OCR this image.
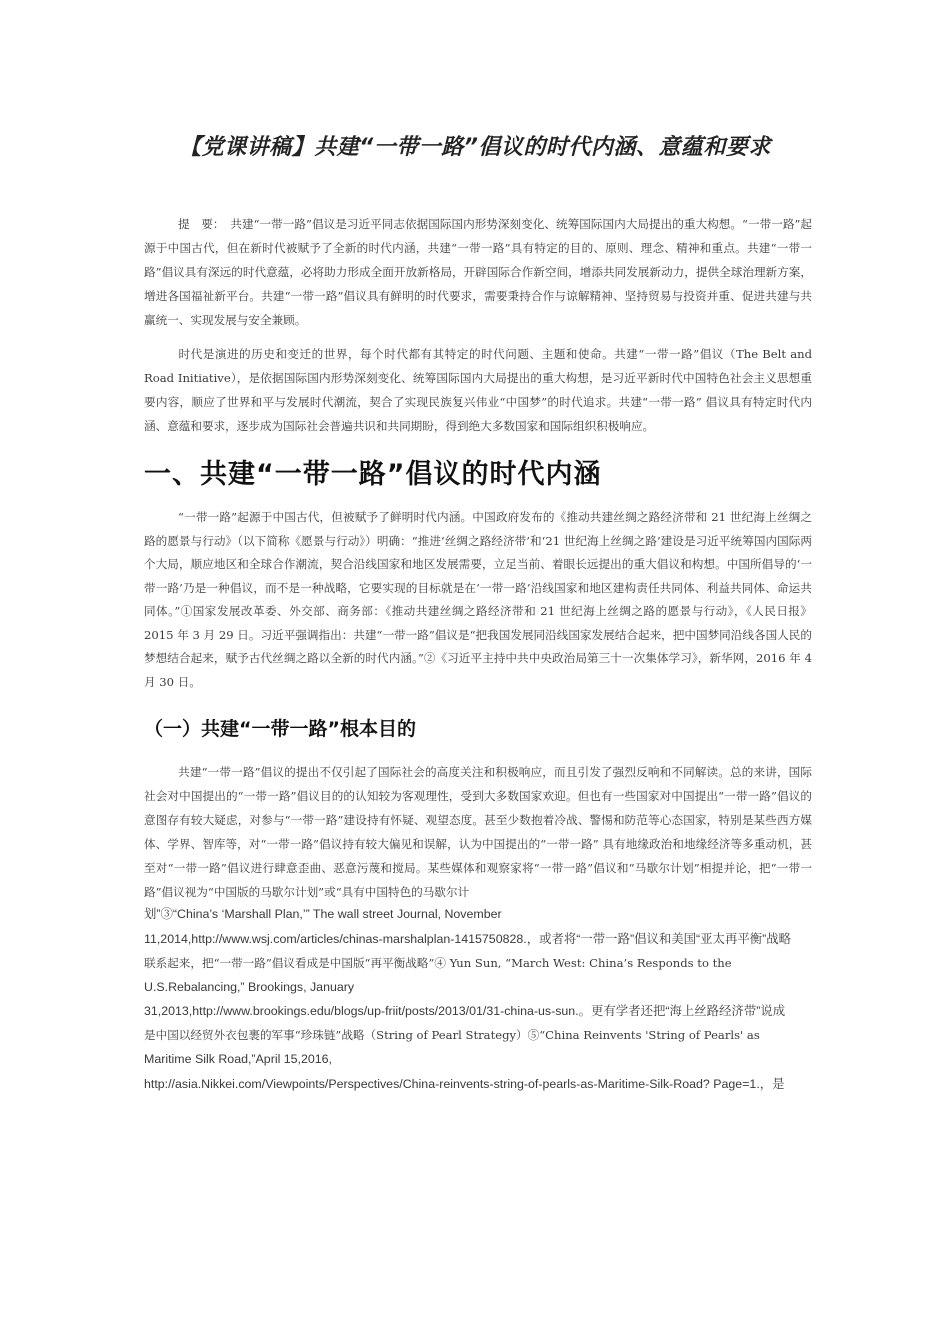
【党课讲稿】共建“一带一路”倡议的时代内涵、意蕴和要求
提　要：　共建“一带一路”倡议是习近平同志依据国际国内形势深刻变化、统筹国际国内大局提出的重大构想。“一带一路”起源于中国古代，但在新时代被赋予了全新的时代内涵，共建“一带一路”具有特定的目的、原则、理念、精神和重点。共建“一带一路”倡议具有深远的时代意蕴，必将助力形成全面开放新格局，开辟国际合作新空间，增添共同发展新动力，提供全球治理新方案，增进各国福祉新平台。共建“一带一路”倡议具有鲜明的时代要求，需要秉持合作与谅解精神、坚持贸易与投资并重、促进共建与共赢统一、实现发展与安全兼顾。
时代是演进的历史和变迁的世界，每个时代都有其特定的时代问题、主题和使命。共建“一带一路”倡议（The Belt and Road Initiative），是依据国际国内形势深刻变化、统筹国际国内大局提出的重大构想，是习近平新时代中国特色社会主义思想重要内容，顺应了世界和平与发展时代潮流，契合了实现民族复兴伟业“中国梦”的时代追求。共建“一带一路” 倡议具有特定时代内涵、意蕴和要求，逐步成为国际社会普遍共识和共同期盼，得到绝大多数国家和国际组织积极响应。
一、共建“一带一路”倡议的时代内涵
“一带一路”起源于中国古代，但被赋予了鲜明时代内涵。中国政府发布的《推动共建丝绸之路经济带和 21 世纪海上丝绸之路的愿景与行动》（以下简称《愿景与行动》）明确：“推进‘丝绸之路经济带’和‘21 世纪海上丝绸之路’建设是习近平统筹国内国际两个大局，顺应地区和全球合作潮流，契合沿线国家和地区发展需要，立足当前、着眼长远提出的重大倡议和构想。中国所倡导的‘一带一路’乃是一种倡议，而不是一种战略，它要实现的目标就是在‘一带一路’沿线国家和地区建构责任共同体、利益共同体、命运共同体。”①国家发展改革委、外交部、商务部：《推动共建丝绸之路经济带和 21 世纪海上丝绸之路的愿景与行动》，《人民日报》2015 年 3 月 29 日。习近平强调指出：共建“一带一路”倡议是“把我国发展同沿线国家发展结合起来，把中国梦同沿线各国人民的梦想结合起来，赋予古代丝绸之路以全新的时代内涵。”②《习近平主持中共中央政治局第三十一次集体学习》，新华网，2016 年 4 月 30 日。
（一）共建“一带一路”根本目的
共建“一带一路”倡议的提出不仅引起了国际社会的高度关注和积极响应，而且引发了强烈反响和不同解读。总的来讲，国际社会对中国提出的“一带一路”倡议目的的认知较为客观理性，受到大多数国家欢迎。但也有一些国家对中国提出“一带一路”倡议的意图存有较大疑虑，对参与“一带一路”建设持有怀疑、观望态度。甚至少数抱着冷战、警惕和防范等心态国家，特别是某些西方媒体、学界、智库等，对“一带一路”倡议持有较大偏见和误解，认为中国提出的“一带一路” 具有地缘政治和地缘经济等多重动机，甚至对“一带一路”倡议进行肆意歪曲、恶意污蔑和搅局。某些媒体和观察家将“一带一路”倡议和“马歇尔计划”相提并论，把“一带一路”倡议视为“中国版的马歇尔计划”或“具有中国特色的马歇尔计
划”③“China’s ‘Marshall Plan,’” The wall street Journal, November
11,2014,http://www.wsj.com/articles/chinas-marshalplan-1415750828.，或者将“一带一路”倡议和美国“亚太再平衡”战略
联系起来，把“一带一路”倡议看成是中国版“再平衡战略”④ Yun Sun, “March West: China’s Responds to the
U.S.Rebalancing,” Brookings, January
31,2013,http://www.brookings.edu/blogs/up-friit/posts/2013/01/31-china-us-sun.。更有学者还把“海上丝路经济带”说成
是中国以经贸外衣包裹的军事“珍珠链”战略（String of Pearl Strategy）⑤“China Reinvents 'String of Pearls' as
Maritime Silk Road,”April 15,2016,
http://asia.Nikkei.com/Viewpoints/Perspectives/China-reinvents-string-of-pearls-as-Maritime-Silk-Road? Page=1.，是
